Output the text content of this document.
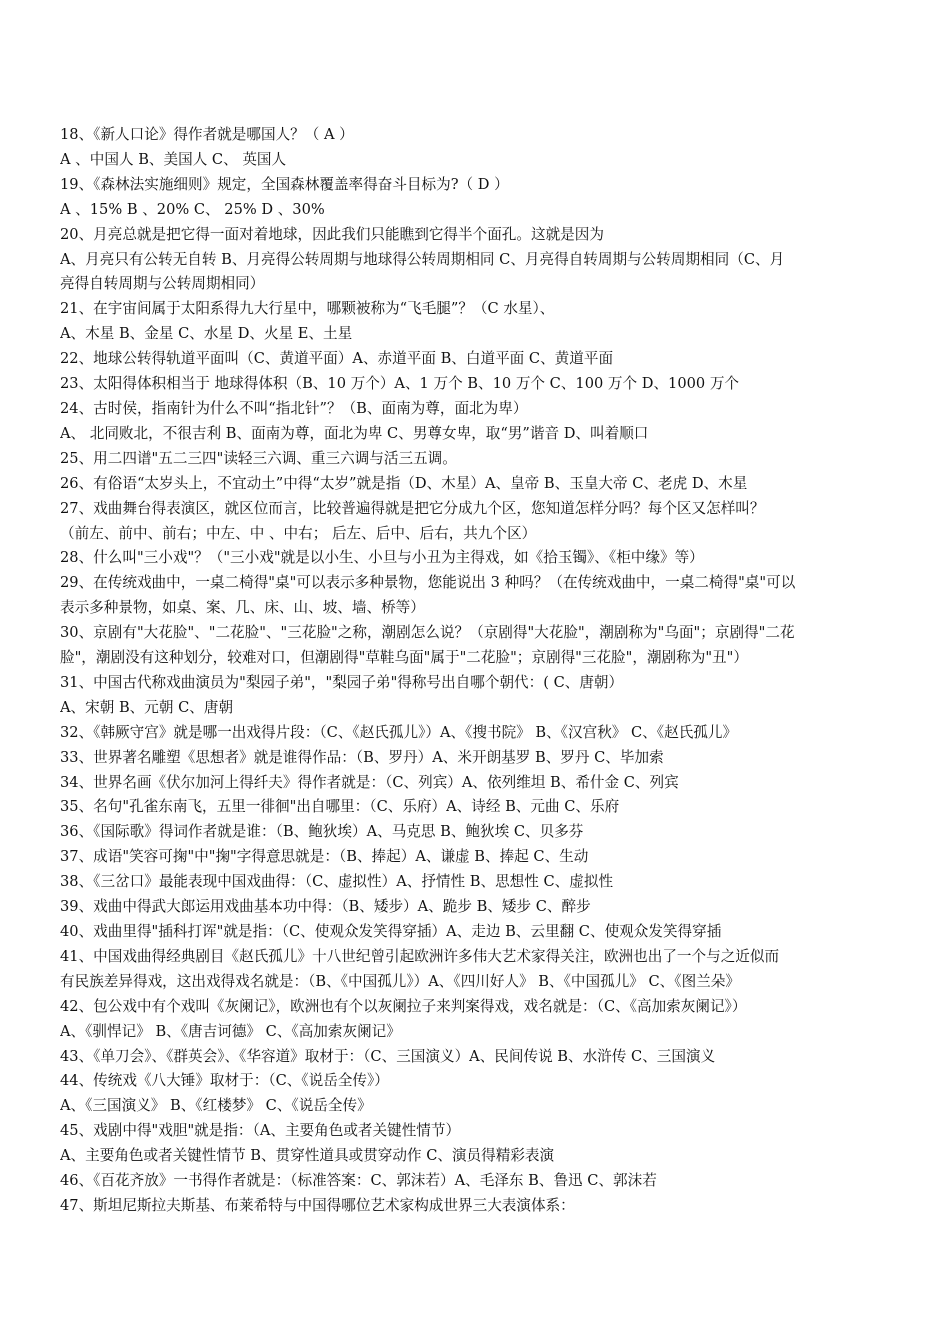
18、《新人口论》得作者就是哪国人？（ A ）
A 、中国人 B、美国人 C、 英国人
19、《森林法实施细则》规定，全国森林覆盖率得奋斗目标为?（ D ）
A 、15% B 、20% C、 25% D 、30%
20、月亮总就是把它得一面对着地球，因此我们只能瞧到它得半个面孔。这就是因为
A、月亮只有公转无自转 B、月亮得公转周期与地球得公转周期相同 C、月亮得自转周期与公转周期相同（C、月
亮得自转周期与公转周期相同）
21、在宇宙间属于太阳系得九大行星中，哪颗被称为“飞毛腿”？（C 水星）、
A、木星 B、金星 C、水星 D、火星 E、土星
22、地球公转得轨道平面叫（C、黄道平面）A、赤道平面 B、白道平面 C、黄道平面
23、太阳得体积相当于 地球得体积（B、10 万个）A、1 万个 B、10 万个 C、100 万个 D、1000 万个
24、古时侯，指南针为什么不叫“指北针”？（B、面南为尊，面北为卑）
A、 北同败北，不很吉利 B、面南为尊，面北为卑 C、男尊女卑，取“男”谐音 D、叫着顺口
25、用二四谱"五二三四"读轻三六调、重三六调与活三五调。
26、有俗语“太岁头上，不宜动土”中得“太岁”就是指（D、木星）A、皇帝 B、玉皇大帝 C、老虎 D、木星
27、戏曲舞台得表演区，就区位而言，比较普遍得就是把它分成九个区，您知道怎样分吗？每个区又怎样叫？
（前左、前中、前右；中左、中 、中右； 后左、后中、后右，共九个区）
28、什么叫"三小戏"？（"三小戏"就是以小生、小旦与小丑为主得戏，如《拾玉镯》、《柜中缘》等）
29、在传统戏曲中，一桌二椅得"桌"可以表示多种景物，您能说出 3 种吗？（在传统戏曲中，一桌二椅得"桌"可以
表示多种景物，如桌、案、几、床、山、坡、墙、桥等）
30、京剧有"大花脸"、"二花脸"、"三花脸"之称，潮剧怎么说？（京剧得"大花脸"，潮剧称为"乌面"；京剧得"二花
脸"，潮剧没有这种划分，较难对口，但潮剧得"草鞋乌面"属于"二花脸"；京剧得"三花脸"，潮剧称为"丑"）
31、中国古代称戏曲演员为"梨园子弟"，"梨园子弟"得称号出自哪个朝代：( C、唐朝）
A、宋朝 B、元朝 C、唐朝
32、《韩厥守宫》就是哪一出戏得片段：（C、《赵氏孤儿》）A、《搜书院》 B、《汉宫秋》 C、《赵氏孤儿》
33、世界著名雕塑《思想者》就是谁得作品：（B、罗丹）A、米开朗基罗 B、罗丹 C、毕加索
34、世界名画《伏尔加河上得纤夫》得作者就是：（C、列宾）A、依列维坦 B、希什金 C、列宾
35、名句"孔雀东南飞，五里一徘徊"出自哪里：（C、乐府）A、诗经 B、元曲 C、乐府
36、《国际歌》得词作者就是谁：（B、鲍狄埃）A、马克思 B、鲍狄埃 C、贝多芬
37、成语"笑容可掬"中"掬"字得意思就是：（B、捧起）A、谦虚 B、捧起 C、生动
38、《三岔口》最能表现中国戏曲得：（C、虚拟性）A、抒情性 B、思想性 C、虚拟性
39、戏曲中得武大郎运用戏曲基本功中得：（B、矮步）A、跪步 B、矮步 C、醉步
40、戏曲里得"插科打诨"就是指：（C、使观众发笑得穿插）A、走边 B、云里翻 C、使观众发笑得穿插
41、中国戏曲得经典剧目《赵氏孤儿》十八世纪曾引起欧洲许多伟大艺术家得关注，欧洲也出了一个与之近似而
有民族差异得戏，这出戏得戏名就是：（B、《中国孤儿》）A、《四川好人》 B、《中国孤儿》 C、《图兰朵》
42、包公戏中有个戏叫《灰阑记》，欧洲也有个以灰阑拉子来判案得戏，戏名就是：（C、《高加索灰阑记》）
A、《驯悍记》 B、《唐吉诃德》 C、《高加索灰阑记》
43、《单刀会》、《群英会》、《华容道》取材于：（C、三国演义）A、民间传说 B、水浒传 C、三国演义
44、传统戏《八大锤》取材于：（C、《说岳全传》）
A、《三国演义》 B、《红楼梦》 C、《说岳全传》
45、戏剧中得"戏胆"就是指：（A、主要角色或者关键性情节）
A、主要角色或者关键性情节 B、贯穿性道具或贯穿动作 C、演员得精彩表演
46、《百花齐放》一书得作者就是：（标准答案：C、郭沫若）A、毛泽东 B、鲁迅 C、郭沫若
47、斯坦尼斯拉夫斯基、布莱希特与中国得哪位艺术家构成世界三大表演体系：
